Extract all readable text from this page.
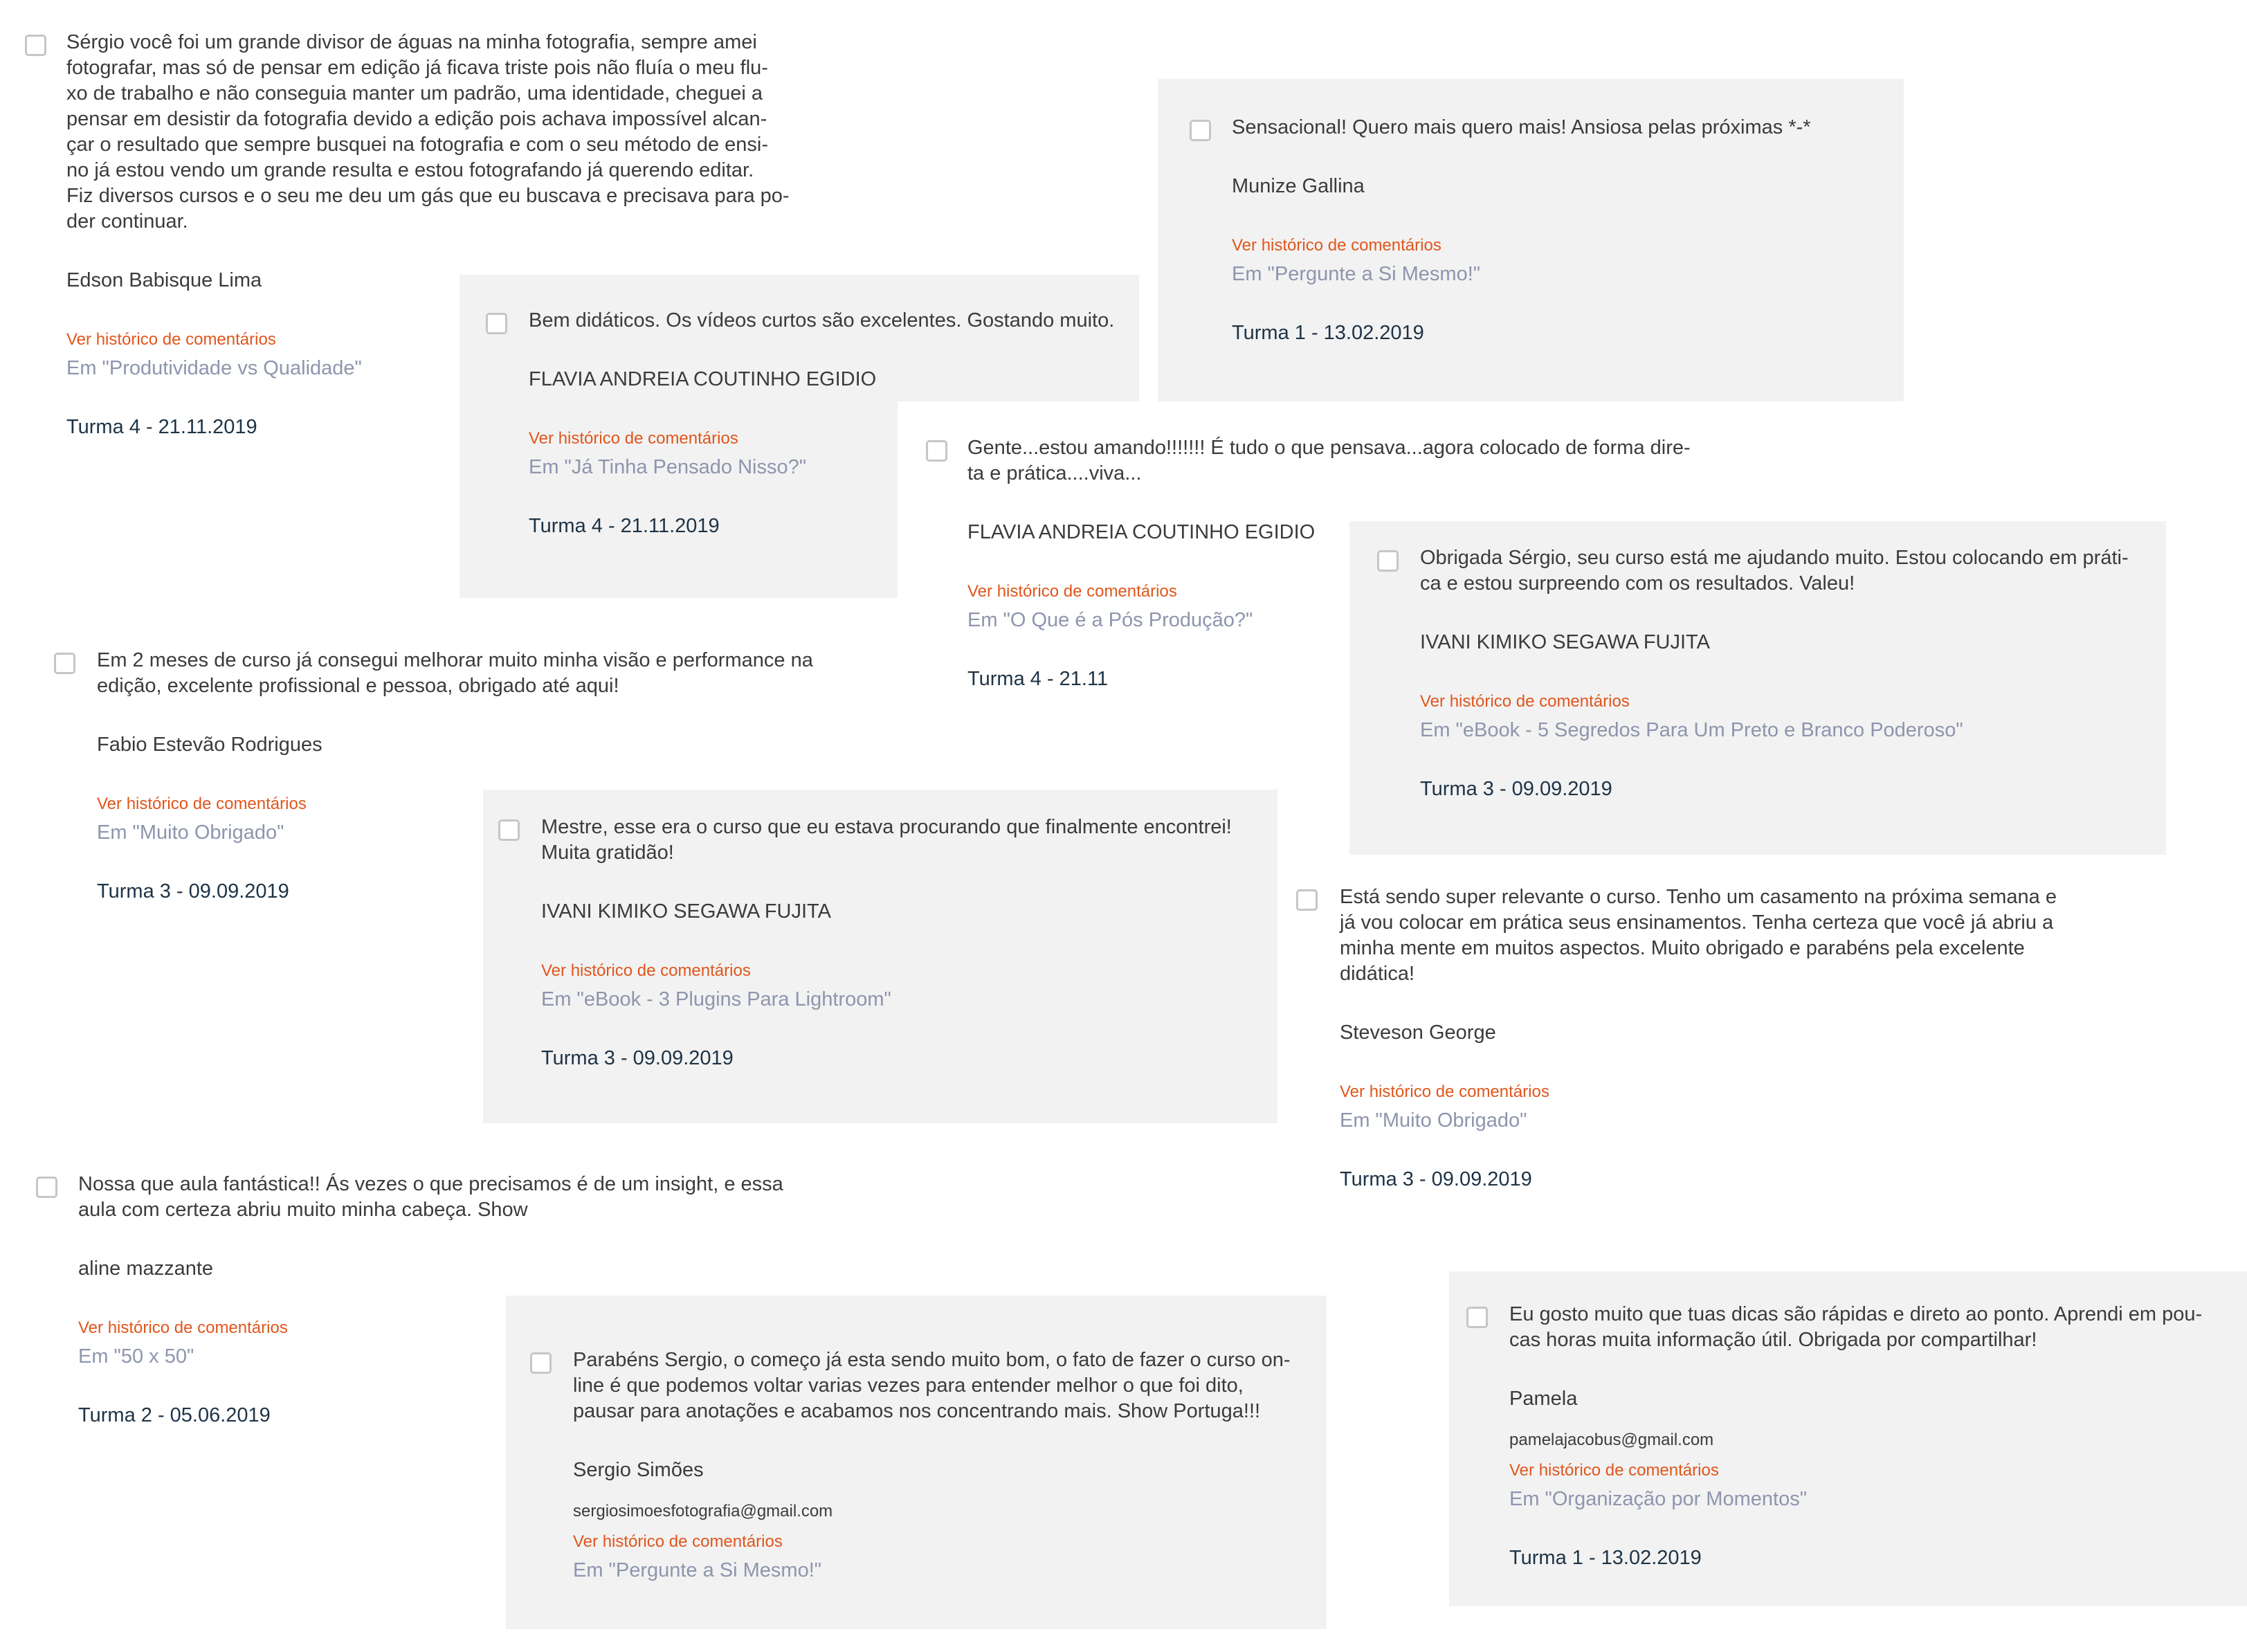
Sérgio você foi um grande divisor de águas na minha fotografia, sempre amei
fotografar, mas só de pensar em edição já ficava triste pois não fluía o meu flu-
xo de trabalho e não conseguia manter um padrão, uma identidade, cheguei a
pensar em desistir da fotografia devido a edição pois achava impossível alcan-
çar o resultado que sempre busquei na fotografia e com o seu método de ensi-
no já estou vendo um grande resulta e estou fotografando já querendo editar.
Fiz diversos cursos e o seu me deu um gás que eu buscava e precisava para po-
der continuar.
Edson Babisque Lima
Ver histórico de comentários
Em "Produtividade vs Qualidade"
Turma 4 - 21.11.2019
Sensacional! Quero mais quero mais! Ansiosa pelas próximas *-*
Munize Gallina
Ver histórico de comentários
Em "Pergunte a Si Mesmo!"
Turma 1 - 13.02.2019
Bem didáticos. Os vídeos curtos são excelentes. Gostando muito.
FLAVIA ANDREIA COUTINHO EGIDIO
Ver histórico de comentários
Em "Já Tinha Pensado Nisso?"
Turma 4 - 21.11.2019
Gente...estou amando!!!!!!! É tudo o que pensava...agora colocado de forma dire-
ta e prática....viva...
FLAVIA ANDREIA COUTINHO EGIDIO
Ver histórico de comentários
Em "O Que é a Pós Produção?"
Turma 4 - 21.11
Obrigada Sérgio, seu curso está me ajudando muito. Estou colocando em práti-
ca e estou surpreendo com os resultados. Valeu!
IVANI KIMIKO SEGAWA FUJITA
Ver histórico de comentários
Em "eBook - 5 Segredos Para Um Preto e Branco Poderoso"
Turma 3 - 09.09.2019
Em 2 meses de curso já consegui melhorar muito minha visão e performance na
edição, excelente profissional e pessoa, obrigado até aqui!
Fabio Estevão Rodrigues
Ver histórico de comentários
Em "Muito Obrigado"
Turma 3 - 09.09.2019
Mestre, esse era o curso que eu estava procurando que finalmente encontrei!
Muita gratidão!
IVANI KIMIKO SEGAWA FUJITA
Ver histórico de comentários
Em "eBook - 3 Plugins Para Lightroom"
Turma 3 - 09.09.2019
Está sendo super relevante o curso. Tenho um casamento na próxima semana e
já vou colocar em prática seus ensinamentos. Tenha certeza que você já abriu a
minha mente em muitos aspectos. Muito obrigado e parabéns pela excelente
didática!
Steveson George
Ver histórico de comentários
Em "Muito Obrigado"
Turma 3 - 09.09.2019
Nossa que aula fantástica!! Ás vezes o que precisamos é de um insight, e essa
aula com certeza abriu muito minha cabeça. Show
aline mazzante
Ver histórico de comentários
Em "50 x 50"
Turma 2 - 05.06.2019
Parabéns Sergio, o começo já esta sendo muito bom, o fato de fazer o curso on-
line é que podemos voltar varias vezes para entender melhor o que foi dito,
pausar para anotações e acabamos nos concentrando mais. Show Portuga!!!
Sergio Simões
sergiosimoesfotografia@gmail.com
Ver histórico de comentários
Em "Pergunte a Si Mesmo!"
Eu gosto muito que tuas dicas são rápidas e direto ao ponto. Aprendi em pou-
cas horas muita informação útil. Obrigada por compartilhar!
Pamela
pamelajacobus@gmail.com
Ver histórico de comentários
Em "Organização por Momentos"
Turma 1 - 13.02.2019
